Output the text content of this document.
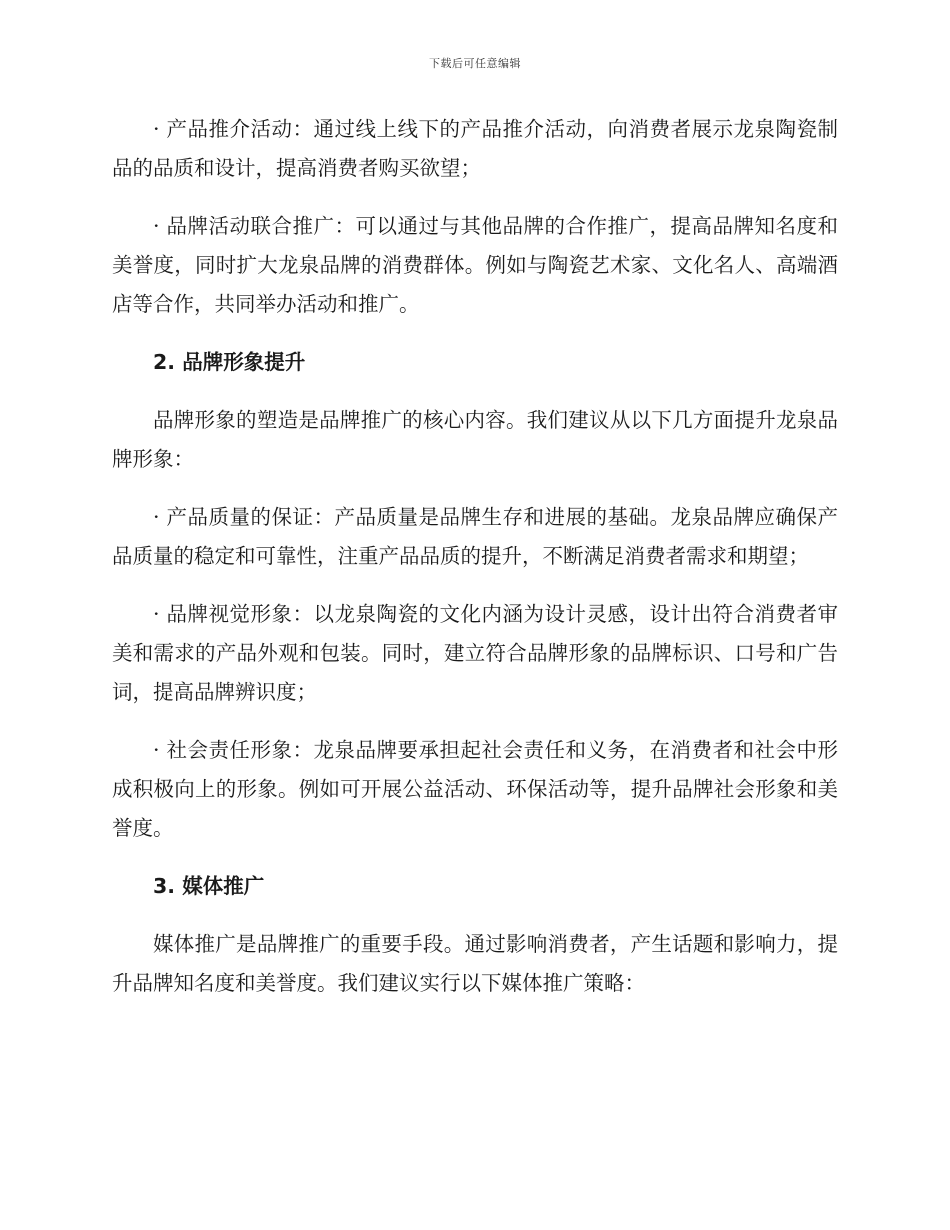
下载后可任意编辑

· 产品推介活动：通过线上线下的产品推介活动，向消费者展示龙泉陶瓷制品的品质和设计，提高消费者购买欲望；

· 品牌活动联合推广：可以通过与其他品牌的合作推广，提高品牌知名度和美誉度，同时扩大龙泉品牌的消费群体。例如与陶瓷艺术家、文化名人、高端酒店等合作，共同举办活动和推广。

2. 品牌形象提升

品牌形象的塑造是品牌推广的核心内容。我们建议从以下几方面提升龙泉品牌形象：

· 产品质量的保证：产品质量是品牌生存和进展的基础。龙泉品牌应确保产品质量的稳定和可靠性，注重产品品质的提升，不断满足消费者需求和期望；

· 品牌视觉形象：以龙泉陶瓷的文化内涵为设计灵感，设计出符合消费者审美和需求的产品外观和包装。同时，建立符合品牌形象的品牌标识、口号和广告词，提高品牌辨识度；

· 社会责任形象：龙泉品牌要承担起社会责任和义务，在消费者和社会中形成积极向上的形象。例如可开展公益活动、环保活动等，提升品牌社会形象和美誉度。

3. 媒体推广

媒体推广是品牌推广的重要手段。通过影响消费者，产生话题和影响力，提升品牌知名度和美誉度。我们建议实行以下媒体推广策略：
